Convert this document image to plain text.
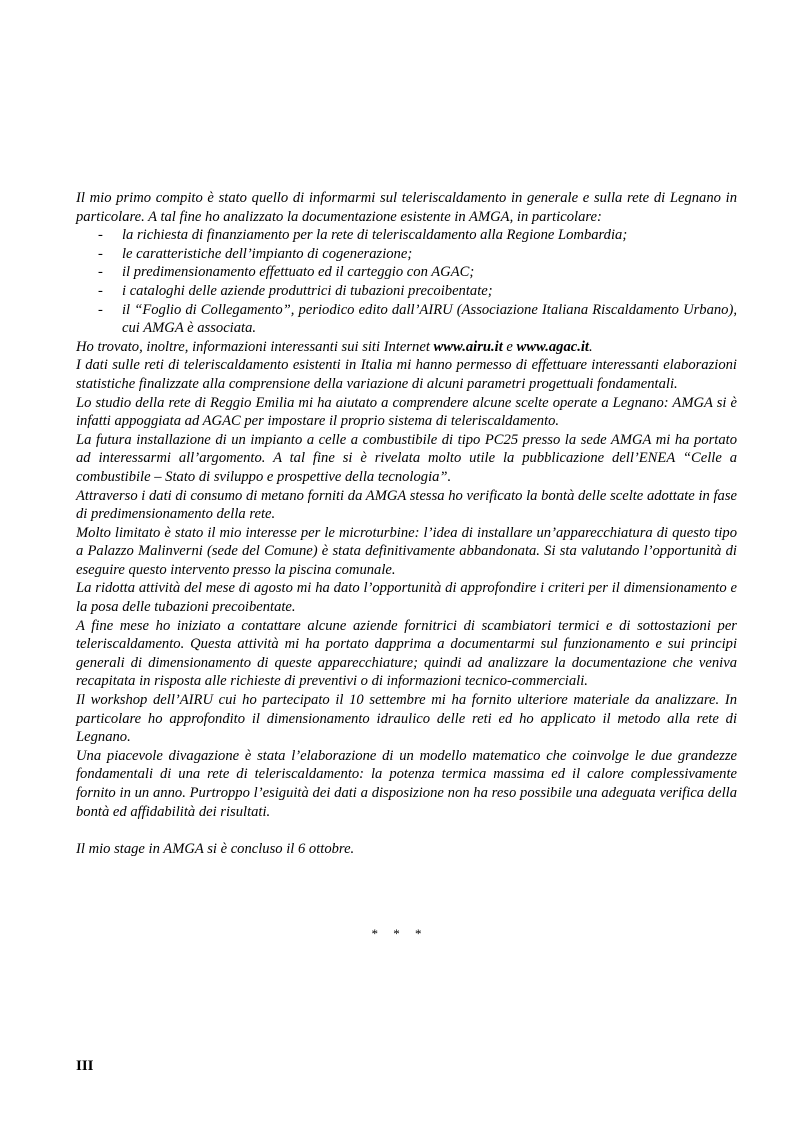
Il mio primo compito è stato quello di informarmi sul teleriscaldamento in generale e sulla rete di Legnano in particolare. A tal fine ho analizzato la documentazione esistente in AMGA, in particolare:

- la richiesta di finanziamento per la rete di teleriscaldamento alla Regione Lombardia;
- le caratteristiche dell’impianto di cogenerazione;
- il predimensionamento effettuato ed il carteggio con AGAC;
- i cataloghi delle aziende produttrici di tubazioni precoibentate;
- il “Foglio di Collegamento”, periodico edito dall’AIRU (Associazione Italiana Riscaldamento Urbano), cui AMGA è associata.

Ho trovato, inoltre, informazioni interessanti sui siti Internet www.airu.it e www.agac.it.

I dati sulle reti di teleriscaldamento esistenti in Italia mi hanno permesso di effettuare interessanti elaborazioni statistiche finalizzate alla comprensione della variazione di alcuni parametri progettuali fondamentali.

Lo studio della rete di Reggio Emilia mi ha aiutato a comprendere alcune scelte operate a Legnano: AMGA si è infatti appoggiata ad AGAC per impostare il proprio sistema di teleriscaldamento.

La futura installazione di un impianto a celle a combustibile di tipo PC25 presso la sede AMGA mi ha portato ad interessarmi all’argomento. A tal fine si è rivelata molto utile la pubblicazione dell’ENEA “Celle a combustibile – Stato di sviluppo e prospettive della tecnologia”.

Attraverso i dati di consumo di metano forniti da AMGA stessa ho verificato la bontà delle scelte adottate in fase di predimensionamento della rete.

Molto limitato è stato il mio interesse per le microturbine: l’idea di installare un’apparecchiatura di questo tipo a Palazzo Malinverni (sede del Comune) è stata definitivamente abbandonata. Si sta valutando l’opportunità di eseguire questo intervento presso la piscina comunale.

La ridotta attività del mese di agosto mi ha dato l’opportunità di approfondire i criteri per il dimensionamento e la posa delle tubazioni precoibentate.

A fine mese ho iniziato a contattare alcune aziende fornitrici di scambiatori termici e di sottostazioni per teleriscaldamento. Questa attività mi ha portato dapprima a documentarmi sul funzionamento e sui principi generali di dimensionamento di queste apparecchiature; quindi ad analizzare la documentazione che veniva recapitata in risposta alle richieste di preventivi o di informazioni tecnico-commerciali.

Il workshop dell’AIRU cui ho partecipato il 10 settembre mi ha fornito ulteriore materiale da analizzare. In particolare ho approfondito il dimensionamento idraulico delle reti ed ho applicato il metodo alla rete di Legnano.

Una piacevole divagazione è stata l’elaborazione di un modello matematico che coinvolge le due grandezze fondamentali di una rete di teleriscaldamento: la potenza termica massima ed il calore complessivamente fornito in un anno. Purtroppo l’esiguità dei dati a disposizione non ha reso possibile una adeguata verifica della bontà ed affidabilità dei risultati.

Il mio stage in AMGA si è concluso il 6 ottobre.

* * *
III
